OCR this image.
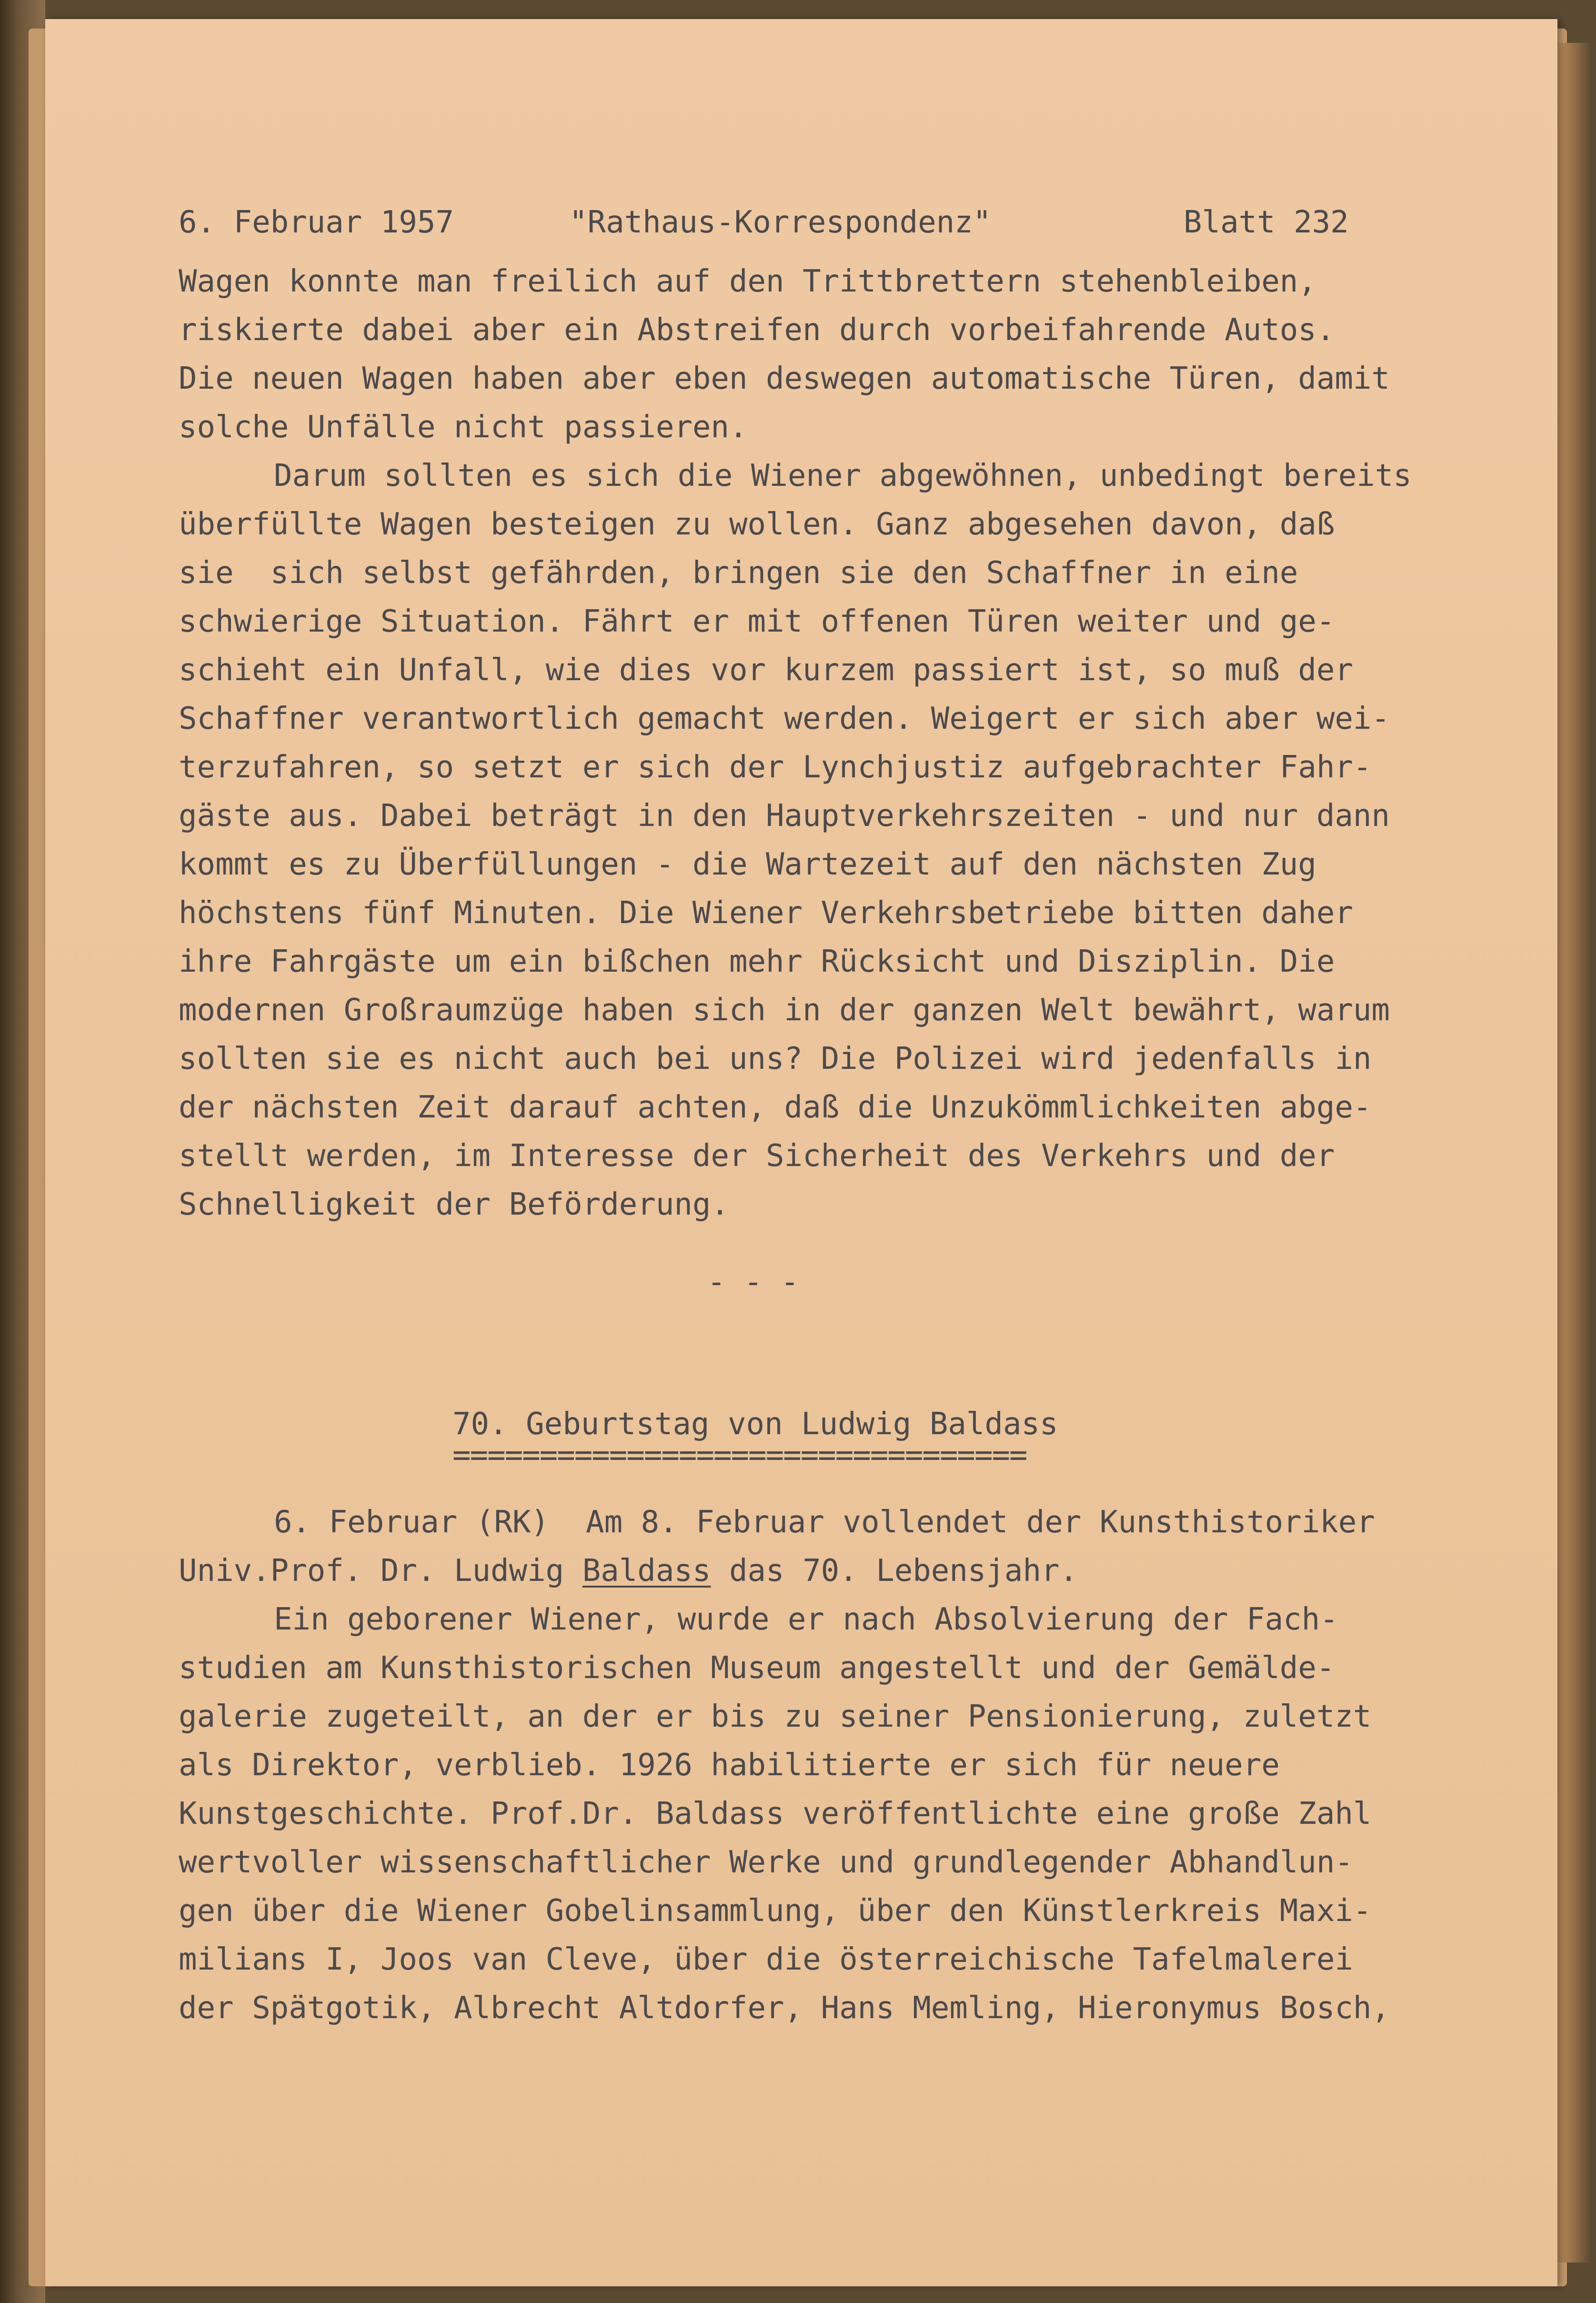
6. Februar 1957	"Rathaus-Korrespondenz"	Blatt 232
Wagen konnte man freilich auf den Trittbrettern stehenbleiben,
riskierte dabei aber ein Abstreifen durch vorbeifahrende Autos.
Die neuen Wagen haben aber eben deswegen automatische Türen, damit
solche Unfälle nicht passieren.
Darum sollten es sich die Wiener abgewöhnen, unbedingt bereits
überfüllte Wagen besteigen zu wollen. Ganz abgesehen davon, daß
sie  sich selbst gefährden, bringen sie den Schaffner in eine
schwierige Situation. Fährt er mit offenen Türen weiter und ge-
schieht ein Unfall, wie dies vor kurzem passiert ist, so muß der
Schaffner verantwortlich gemacht werden. Weigert er sich aber wei-
terzufahren, so setzt er sich der Lynchjustiz aufgebrachter Fahr-
gäste aus. Dabei beträgt in den Hauptverkehrszeiten - und nur dann
kommt es zu Überfüllungen - die Wartezeit auf den nächsten Zug
höchstens fünf Minuten. Die Wiener Verkehrsbetriebe bitten daher
ihre Fahrgäste um ein bißchen mehr Rücksicht und Disziplin. Die
modernen Großraumzüge haben sich in der ganzen Welt bewährt, warum
sollten sie es nicht auch bei uns? Die Polizei wird jedenfalls in
der nächsten Zeit darauf achten, daß die Unzukömmlichkeiten abge-
stellt werden, im Interesse der Sicherheit des Verkehrs und der
Schnelligkeit der Beförderung.
- - -
70. Geburtstag von Ludwig Baldass
=================================
6. Februar (RK)  Am 8. Februar vollendet der Kunsthistoriker
Univ.Prof. Dr. Ludwig Baldass das 70. Lebensjahr.
Ein geborener Wiener, wurde er nach Absolvierung der Fach-
studien am Kunsthistorischen Museum angestellt und der Gemälde-
galerie zugeteilt, an der er bis zu seiner Pensionierung, zuletzt
als Direktor, verblieb. 1926 habilitierte er sich für neuere
Kunstgeschichte. Prof.Dr. Baldass veröffentlichte eine große Zahl
wertvoller wissenschaftlicher Werke und grundlegender Abhandlun-
gen über die Wiener Gobelinsammlung, über den Künstlerkreis Maxi-
milians I, Joos van Cleve, über die österreichische Tafelmalerei
der Spätgotik, Albrecht Altdorfer, Hans Memling, Hieronymus Bosch,
